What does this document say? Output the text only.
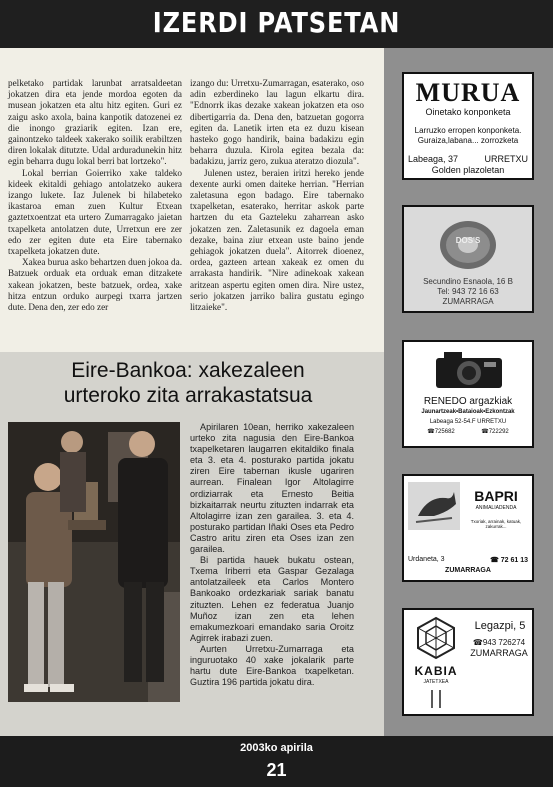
IZERDI PATSETAN

pelketako partidak larunbat arratsaldeetan jokatzen dira eta jende mordoa egoten da musean jokatzen eta altu hitz egiten. Guri ez zaigu asko axola, baina kanpotik datozenei ez die inongo graziarik egiten. Izan ere, gainontzeko taldeek xakerako soilik erabiltzen diren lokalak ditutzte. Udal arduradunekin hitz egin beharra dugu lokal berri bat lortzeko".

Lokal berrian Goierriko xake taldeko kideek ekitaldi gehiago antolatzeko aukera izango lukete. Iaz Julenek bi hilabeteko ikastaroa eman zuen Kultur Etxean gaztetxoentzat eta urtero Zumarragako jaietan txapelketa antolatzen dute, Urretxun ere zer edo zer egiten dute eta Eire tabernako txapelketa jokatzen dute.

Xakea burua asko behartzen duen jokoa da. Batzuek orduak eta orduak eman ditzakete xakean jokatzen, beste batzuek, ordea, xake hitza entzun orduko aurpegi txarra jartzen dute. Dena den, zer edo zer

izango du: Urretxu-Zumarragan, esaterako, oso adin ezberdineko lau lagun elkartu dira. "Ednorrk ikas dezake xakean jokatzen eta oso dibertigarria da. Dena den, batzuetan gogorra egiten da. Lanetik irten eta ez duzu kisean hasteko gogo handirik, baina badakizu egin beharra duzula. Kirola egitea bezala da: badakizu, jarriz gero, zukua ateratzo diozula".

Julenen ustez, beraien iritzi hereko jende dexente aurki omen daiteke herrian. "Herrian zaletasuna egon badago. Eire tabernako txapelketan, esaterako, herritar askok parte hartzen du eta Gazteleku zaharrean asko jokatzen zen. Zaletasunik ez dagoela eman dezake, baina ziur etxean uste baino jende gehiagok jokatzen duela". Aitorrek dioenez, ordea, gazteen artean xakeak ez omen du arrakasta handirik. "Nire adinekoak xakean aritzean aspertu egiten omen dira. Nire ustez, serio jokatzen jarriko balira gustatu egingo litzaieke".

Eire-Bankoa: xakezaleen
urteroko zita arrakastatsua

Apirilaren 10ean, herriko xakezaleen urteko zita nagusia den Eire-Bankoa txapelketaren laugarren ekitaldiko finala eta 3. eta 4. posturako partida jokatu ziren Eire tabernan ikusle ugariren aurrean. Finalean Igor Altolagirre ordiziarrak eta Ernesto Beitia bizkaitarrak neurtu zituzten indarrak eta Altolagirre izan zen garailea. 3. eta 4. posturako partidan Iñaki Oses eta Pedro Castro aritu ziren eta Oses izan zen garailea.

Bi partida hauek bukatu ostean, Txema Iriberri eta Gaspar Gezalaga antolatzaileek eta Carlos Montero Bankoako ordezkariak sariak banatu zituzten. Lehen ez federatua Juanjo Muñoz izan zen eta lehen emakumezkoari emandako saria Oroitz Agirrek irabazi zuen.

Aurten Urretxu-Zumarraga eta inguruotako 40 xake jokalarik parte hartu dute Eire-Bankoa txapelketan. Guztira 196 partida jokatu dira.

MURUA
Oinetako konponketa
Larruzko erropen konponketa.
Guraiza,labana... zorrozketa
Labeaga, 37	URRETXU
Golden plazoletan
DOS'S
Secundino Esnaola, 16 B
Tel: 943 72 16 63
ZUMARRAGA
RENEDO argazkiak
Jaunartzeak•Bataioak•Ezkontzak
Labeaga 52-54.F URRETXU
☎725682	☎722292
BAPRI
ANIMALIADENDA
Txoriak, arrainak, katuak, zakurrak...
Urdaneta, 3	☎ 72 61 13
ZUMARRAGA
KABIA
JATETXEA
Legazpi, 5
☎943 726274
ZUMARRAGA
2003ko apirila
21
